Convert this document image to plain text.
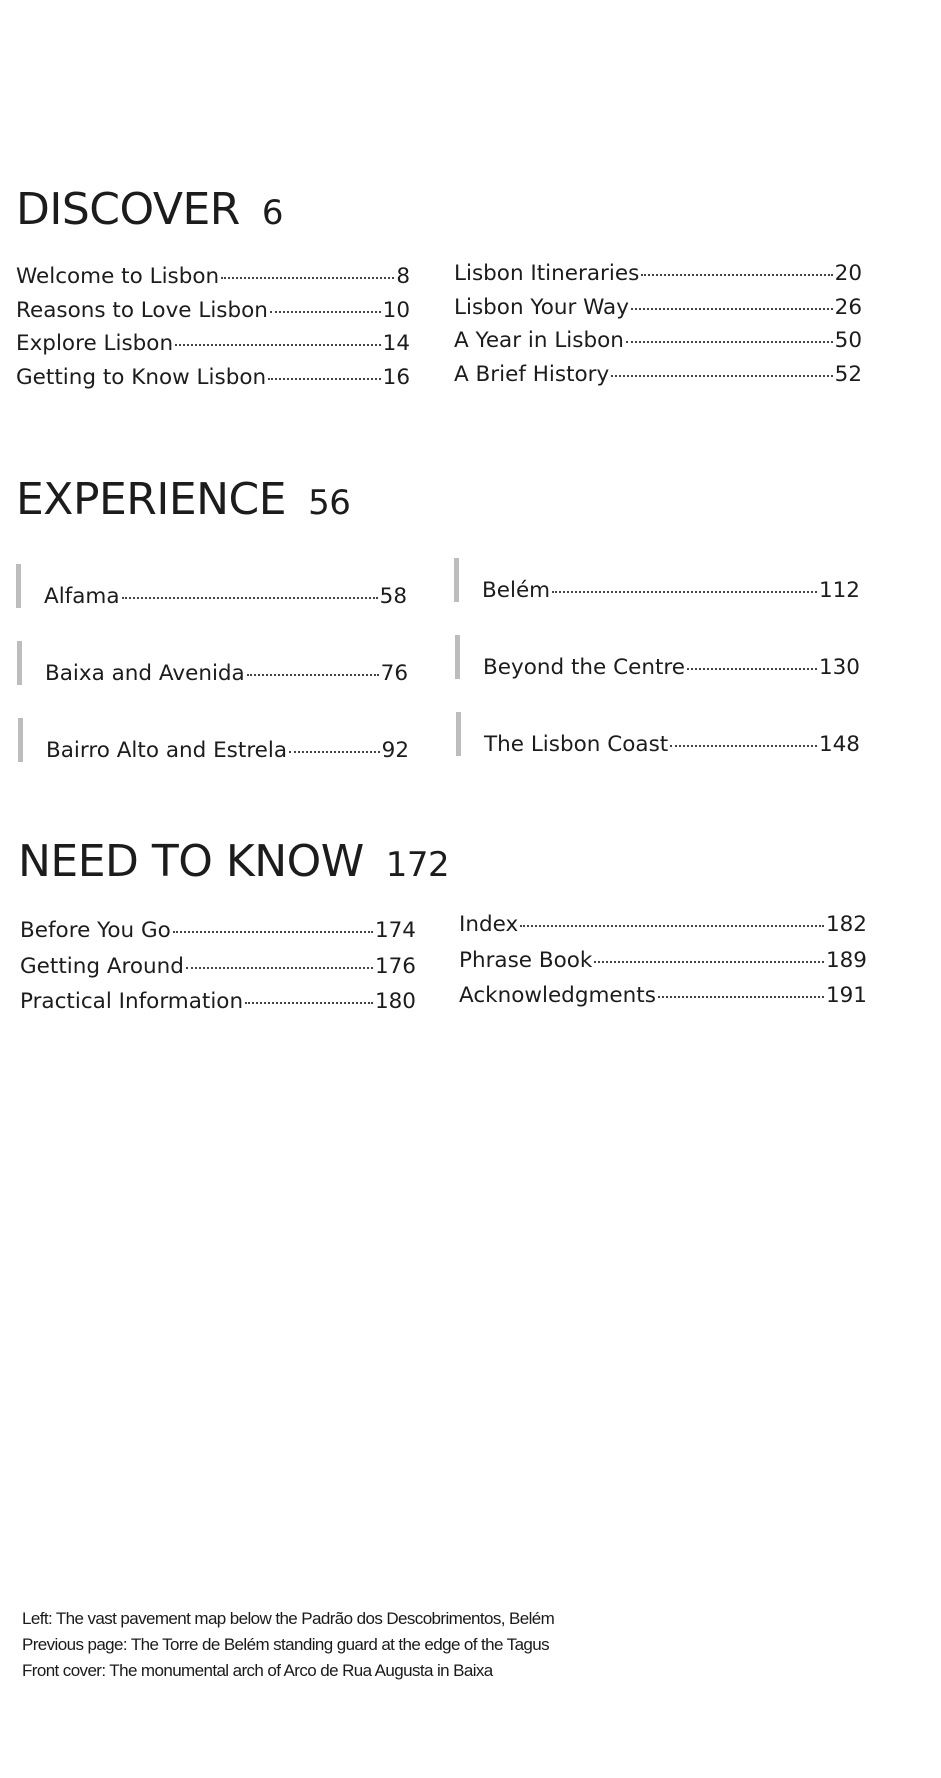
DISCOVER 6
Welcome to Lisbon	8
Reasons to Love Lisbon	10
Explore Lisbon	14
Getting to Know Lisbon	16
Lisbon Itineraries	20
Lisbon Your Way	26
A Year in Lisbon	50
A Brief History	52
EXPERIENCE 56
Alfama	58
Baixa and Avenida	76
Bairro Alto and Estrela	92
Belém	112
Beyond the Centre	130
The Lisbon Coast	148
NEED TO KNOW 172
Before You Go	174
Getting Around	176
Practical Information	180
Index	182
Phrase Book	189
Acknowledgments	191
Left: The vast pavement map below the Padrão dos Descobrimentos, Belém
Previous page: The Torre de Belém standing guard at the edge of the Tagus
Front cover: The monumental arch of Arco de Rua Augusta in Baixa
